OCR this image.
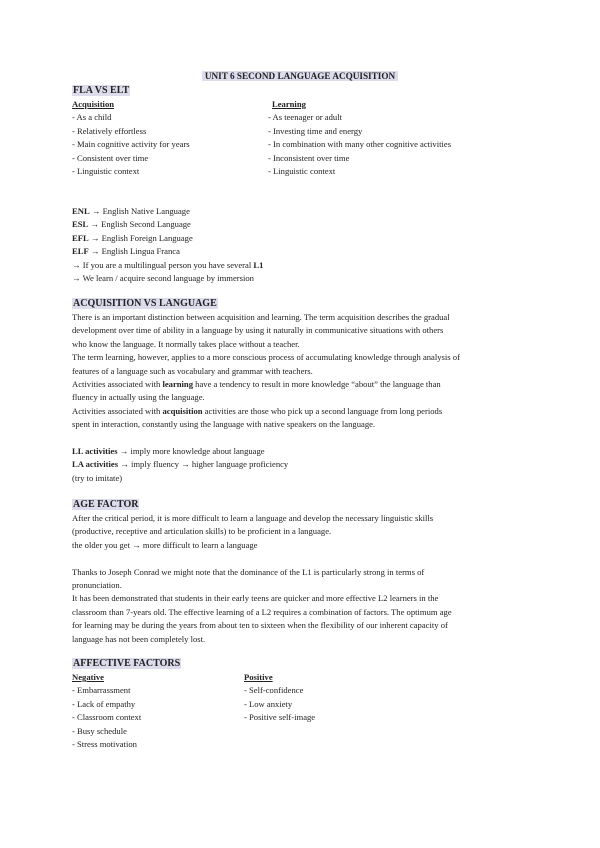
UNIT 6 SECOND LANGUAGE ACQUISITION
FLA VS ELT
Acquisition
- As a child
- Relatively effortless
- Main cognitive activity for years
- Consistent over time
- Linguistic context
Learning
- As teenager or adult
- Investing time and energy
- In combination with many other cognitive activities
- Inconsistent over time
- Linguistic context
ENL → English Native Language
ESL → English Second Language
EFL → English Foreign Language
ELF → English Lingua Franca
→ If you are a multilingual person you have several L1
→ We learn / acquire second language by immersion
ACQUISITION VS LANGUAGE
There is an important distinction between acquisition and learning. The term acquisition describes the gradual
development over time of ability in a language by using it naturally in communicative situations with others
who know the language. It normally takes place without a teacher.
The term learning, however, applies to a more conscious process of accumulating knowledge through analysis of
features of a language such as vocabulary and grammar with teachers.
Activities associated with learning have a tendency to result in more knowledge “about” the language than
fluency in actually using the language.
Activities associated with acquisition activities are those who pick up a second language from long periods
spent in interaction, constantly using the language with native speakers on the language.

LL activities → imply more knowledge about language
LA activities → imply fluency → higher language proficiency
(try to imitate)
AGE FACTOR
After the critical period, it is more difficult to learn a language and develop the necessary linguistic skills
(productive, receptive and articulation skills) to be proficient in a language.
the older you get → more difficult to learn a language

Thanks to Joseph Conrad we might note that the dominance of the L1 is particularly strong in terms of
pronunciation.
It has been demonstrated that students in their early teens are quicker and more effective L2 learners in the
classroom than 7-years old. The effective learning of a L2 requires a combination of factors. The optimum age
for learning may be during the years from about ten to sixteen when the flexibility of our inherent capacity of
language has not been completely lost.
AFFECTIVE FACTORS
Negative
- Embarrassment
- Lack of empathy
- Classroom context
- Busy schedule
- Stress motivation
Positive
- Self-confidence
- Low anxiety
- Positive self-image
